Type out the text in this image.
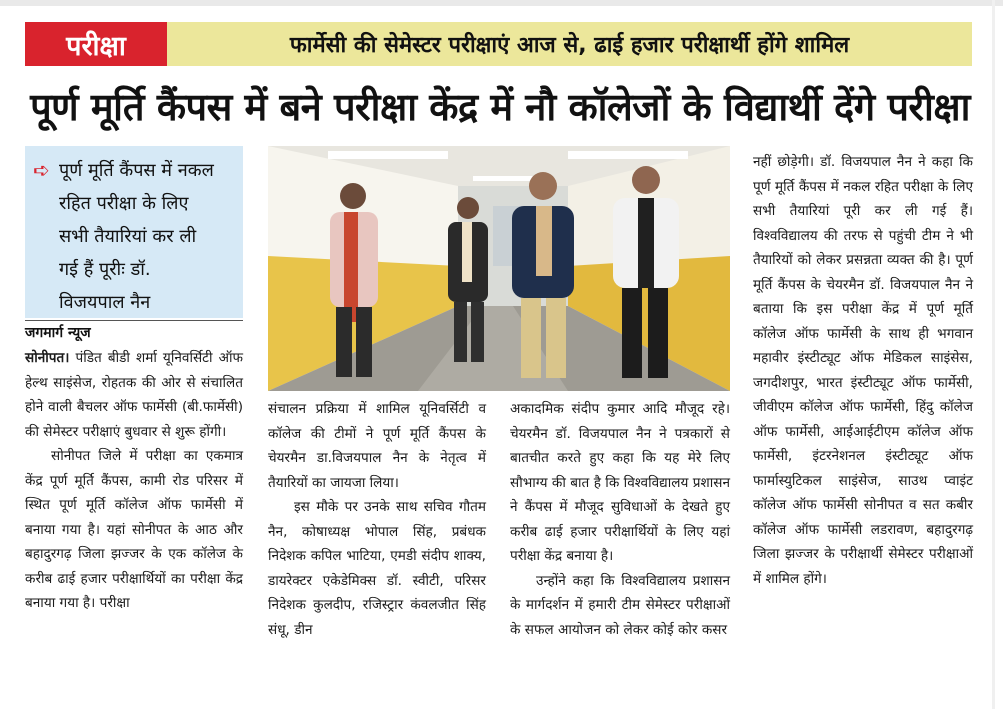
परीक्षा	फार्मेसी की सेमेस्टर परीक्षाएं आज से, ढाई हजार परीक्षार्थी होंगे शामिल
पूर्ण मूर्ति कैंपस में बने परीक्षा केंद्र में नौ कॉलेजों के विद्यार्थी देंगे परीक्षा
➪ पूर्ण मूर्ति कैंपस में नकल
रहित परीक्षा के लिए
सभी तैयारियां कर ली
गई हैं पूरीः डॉ.
विजयपाल नैन
जगमार्ग न्यूज

सोनीपत। पंडित बीडी शर्मा यूनिवर्सिटी ऑफ हेल्थ साइंसेज, रोहतक की ओर से संचालित होने वाली बैचलर ऑफ फार्मेसी (बी.फार्मेसी) की सेमेस्टर परीक्षाएं बुधवार से शुरू होंगी।

सोनीपत जिले में परीक्षा का एकमात्र केंद्र पूर्ण मूर्ति कैंपस, कामी रोड परिसर में स्थित पूर्ण मूर्ति कॉलेज ऑफ फार्मेसी में बनाया गया है। यहां सोनीपत के आठ और बहादुरगढ़ जिला झज्जर के एक कॉलेज के करीब ढाई हजार परीक्षार्थियों का परीक्षा केंद्र बनाया गया है। परीक्षा

संचालन प्रक्रिया में शामिल यूनिवर्सिटी व कॉलेज की टीमों ने पूर्ण मूर्ति कैंपस के चेयरमैन डा.विजयपाल नैन के नेतृत्व में तैयारियों का जायजा लिया।

इस मौके पर उनके साथ सचिव गौतम नैन, कोषाध्यक्ष भोपाल सिंह, प्रबंधक निदेशक कपिल भाटिया, एमडी संदीप शाक्य, डायरेक्टर एकेडेमिक्स डॉ. स्वीटी, परिसर निदेशक कुलदीप, रजिस्ट्रार कंवलजीत सिंह संधू, डीन

अकादमिक संदीप कुमार आदि मौजूद रहे। चेयरमैन डॉ. विजयपाल नैन ने पत्रकारों से बातचीत करते हुए कहा कि यह मेरे लिए सौभाग्य की बात है कि विश्वविद्यालय प्रशासन ने कैंपस में मौजूद सुविधाओं के देखते हुए करीब ढाई हजार परीक्षार्थियों के लिए यहां परीक्षा केंद्र बनाया है।

उन्होंने कहा कि विश्वविद्यालय प्रशासन के मार्गदर्शन में हमारी टीम सेमेस्टर परीक्षाओं के सफल आयोजन को लेकर कोई कोर कसर

नहीं छोड़ेगी। डॉ. विजयपाल नैन ने कहा कि पूर्ण मूर्ति कैंपस में नकल रहित परीक्षा के लिए सभी तैयारियां पूरी कर ली गई हैं। विश्वविद्यालय की तरफ से पहुंची टीम ने भी तैयारियों को लेकर प्रसन्नता व्यक्त की है। पूर्ण मूर्ति कैंपस के चेयरमैन डॉ. विजयपाल नैन ने बताया कि इस परीक्षा केंद्र में पूर्ण मूर्ति कॉलेज ऑफ फार्मेसी के साथ ही भगवान महावीर इंस्टीट्यूट ऑफ मेडिकल साइंसेस, जगदीशपुर, भारत इंस्टीट्यूट ऑफ फार्मेसी, जीवीएम कॉलेज ऑफ फार्मेसी, हिंदु कॉलेज ऑफ फार्मेसी, आईआईटीएम कॉलेज ऑफ फार्मेसी, इंटरनेशनल इंस्टीट्यूट ऑफ फार्मास्युटिकल साइंसेज, साउथ प्वाइंट कॉलेज ऑफ फार्मेसी सोनीपत व सत कबीर कॉलेज ऑफ फार्मेसी लडरावण, बहादुरगढ़ जिला झज्जर के परीक्षार्थी सेमेस्टर परीक्षाओं में शामिल होंगे।
